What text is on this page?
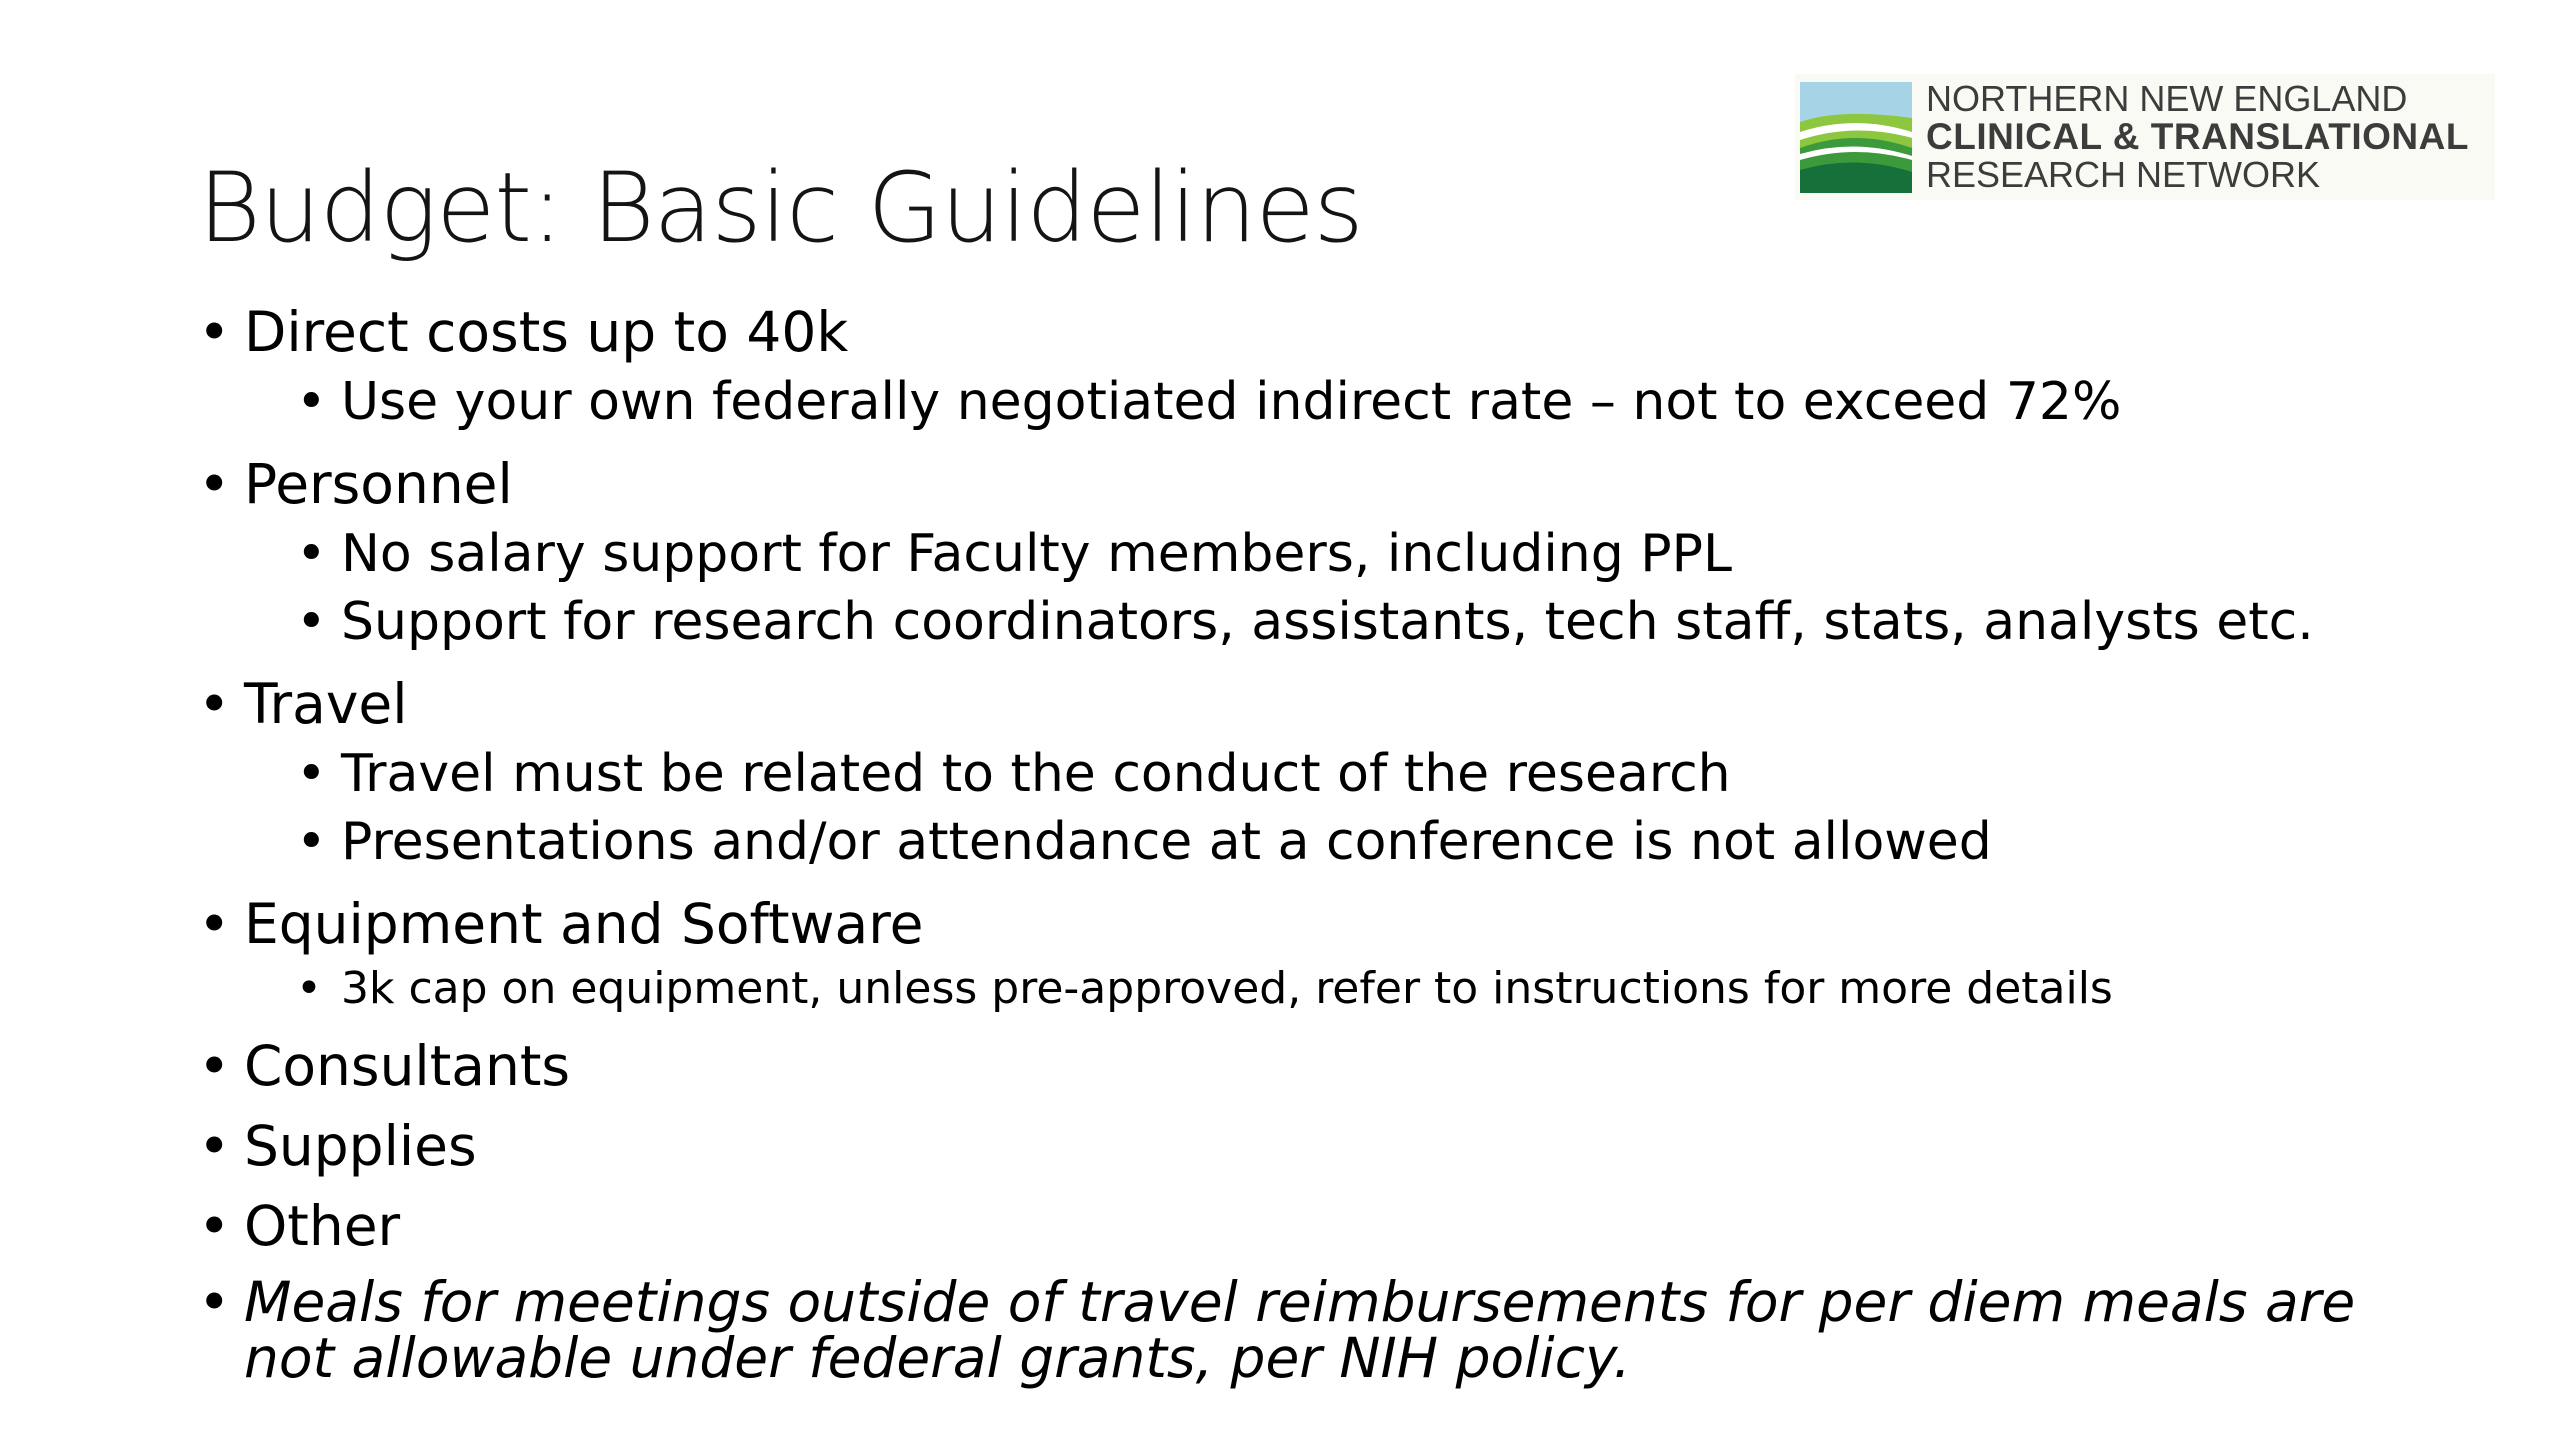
NORTHERN NEW ENGLAND
CLINICAL & TRANSLATIONAL
RESEARCH NETWORK
Budget: Basic Guidelines
• Direct costs up to 40k
• Use your own federally negotiated indirect rate – not to exceed 72%
• Personnel
• No salary support for Faculty members, including PPL
• Support for research coordinators, assistants, tech staff, stats, analysts etc.
• Travel
• Travel must be related to the conduct of the research
• Presentations and/or attendance at a conference is not allowed
• Equipment and Software
• 3k cap on equipment, unless pre-approved, refer to instructions for more details
• Consultants
• Supplies
• Other
• Meals for meetings outside of travel reimbursements for per diem meals are not allowable under federal grants, per NIH policy.
